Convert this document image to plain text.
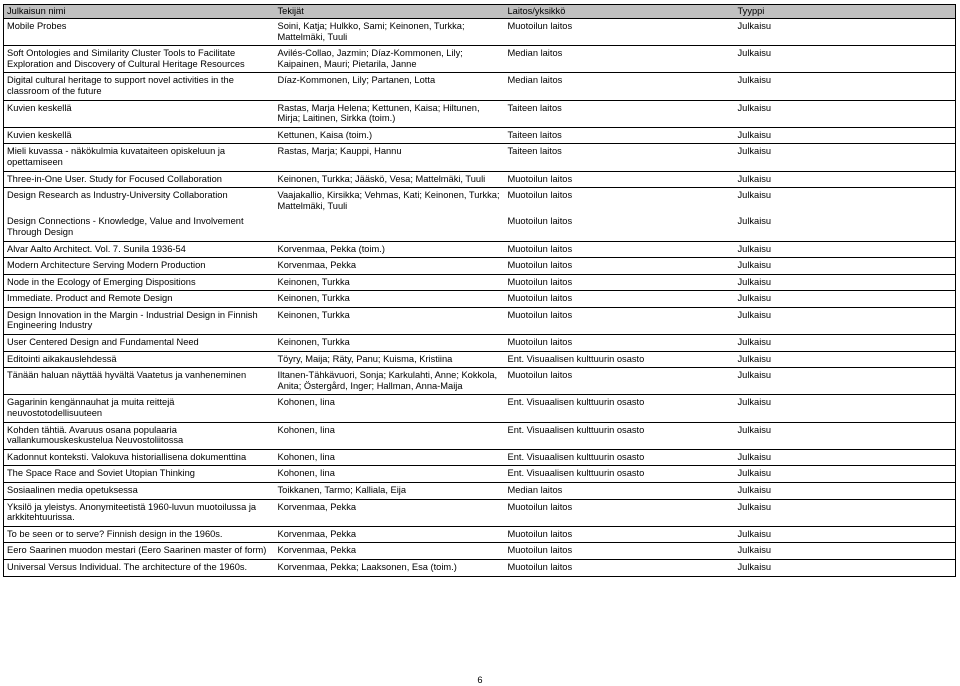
Julkaisun nimi	Tekijät	Laitos/yksikkö	Tyyppi
Mobile Probes	Soini, Katja; Hulkko, Sami; Keinonen, Turkka; Mattelmäki, Tuuli	Muotoilun laitos	Julkaisu
Soft Ontologies and Similarity Cluster Tools to Facilitate Exploration and Discovery of Cultural Heritage Resources	Avilés-Collao, Jazmin; Díaz-Kommonen, Lily; Kaipainen, Mauri; Pietarila, Janne	Median laitos	Julkaisu
Digital cultural heritage to support novel activities in the classroom of the future	Díaz-Kommonen, Lily; Partanen, Lotta	Median laitos	Julkaisu
Kuvien keskellä	Rastas, Marja Helena; Kettunen, Kaisa; Hiltunen, Mirja; Laitinen, Sirkka (toim.)	Taiteen laitos	Julkaisu
Kuvien keskellä	Kettunen, Kaisa (toim.)	Taiteen laitos	Julkaisu
Mieli kuvassa - näkökulmia kuvataiteen opiskeluun ja opettamiseen	Rastas, Marja; Kauppi, Hannu	Taiteen laitos	Julkaisu
Three-in-One User. Study for Focused Collaboration	Keinonen, Turkka; Jääskö, Vesa; Mattelmäki, Tuuli	Muotoilun laitos	Julkaisu
Design Research as Industry-University Collaboration	Vaajakallio, Kirsikka; Vehmas, Kati; Keinonen, Turkka; Mattelmäki, Tuuli	Muotoilun laitos	Julkaisu
Design Connections - Knowledge, Value and Involvement Through Design		Muotoilun laitos	Julkaisu
Alvar Aalto Architect. Vol. 7. Sunila 1936-54	Korvenmaa, Pekka (toim.)	Muotoilun laitos	Julkaisu
Modern Architecture Serving Modern Production	Korvenmaa, Pekka	Muotoilun laitos	Julkaisu
Node in the Ecology of Emerging Dispositions	Keinonen, Turkka	Muotoilun laitos	Julkaisu
Immediate. Product and Remote Design	Keinonen, Turkka	Muotoilun laitos	Julkaisu
Design Innovation in the Margin - Industrial Design in Finnish Engineering Industry	Keinonen, Turkka	Muotoilun laitos	Julkaisu
User Centered Design and Fundamental Need	Keinonen, Turkka	Muotoilun laitos	Julkaisu
Editointi aikakauslehdessä	Töyry, Maija; Räty, Panu; Kuisma, Kristiina	Ent. Visuaalisen kulttuurin osasto	Julkaisu
Tänään haluan näyttää hyvältä Vaatetus ja vanheneminen	Iltanen-Tähkävuori, Sonja; Karkulahti, Anne; Kokkola, Anita; Östergård, Inger; Hallman, Anna-Maija	Muotoilun laitos	Julkaisu
Gagarinin kengännauhat ja muita reittejä neuvostotodellisuuteen	Kohonen, Iina	Ent. Visuaalisen kulttuurin osasto	Julkaisu
Kohden tähtiä. Avaruus osana populaaria vallankumouskeskustelua Neuvostoliitossa	Kohonen, Iina	Ent. Visuaalisen kulttuurin osasto	Julkaisu
Kadonnut konteksti. Valokuva historiallisena dokumenttina	Kohonen, Iina	Ent. Visuaalisen kulttuurin osasto	Julkaisu
The Space Race and Soviet Utopian Thinking	Kohonen, Iina	Ent. Visuaalisen kulttuurin osasto	Julkaisu
Sosiaalinen media opetuksessa	Toikkanen, Tarmo; Kalliala, Eija	Median laitos	Julkaisu
Yksilö ja yleistys. Anonymiteetistä 1960-luvun muotoilussa ja arkkitehtuurissa.	Korvenmaa, Pekka	Muotoilun laitos	Julkaisu
To be seen or to serve? Finnish design in the 1960s.	Korvenmaa, Pekka	Muotoilun laitos	Julkaisu
Eero Saarinen muodon mestari (Eero Saarinen master of form)	Korvenmaa, Pekka	Muotoilun laitos	Julkaisu
Universal Versus Individual. The architecture of the 1960s.	Korvenmaa, Pekka; Laaksonen, Esa (toim.)	Muotoilun laitos	Julkaisu
6
